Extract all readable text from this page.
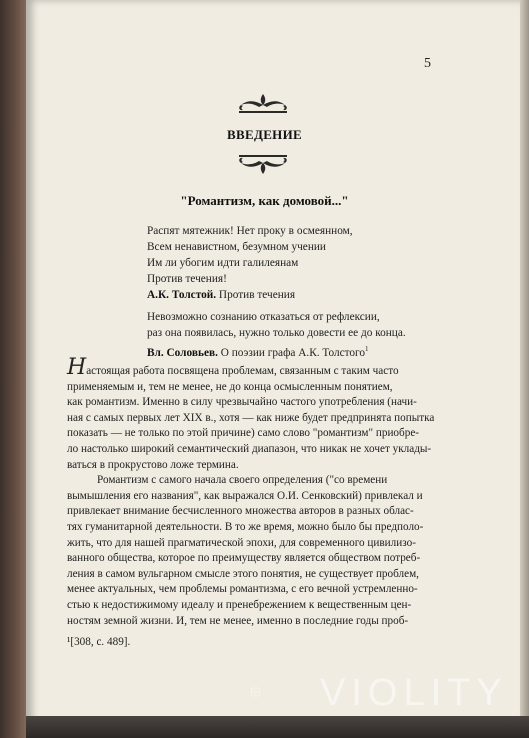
5
ВВЕДЕНИЕ
"Романтизм, как домовой..."
Распят мятежник! Нет проку в осмеянном,
Всем ненавистном, безумном учении
Им ли убогим идти галилеянам
Против течения!
А.К. Толстой. Против течения
Невозможно сознанию отказаться от рефлексии,
раз она появилась, нужно только довести ее до конца.
Вл. Соловьев. О поэзии графа А.К. Толстого$^1$
Настоящая работа посвящена проблемам, связанным с таким часто
применяемым и, тем не менее, не до конца осмысленным понятием,
как романтизм. Именно в силу чрезвычайно частого употребления (начи-
ная с самых первых лет XIX в., хотя — как ниже будет предпринята попытка
показать — не только по этой причине) само слово "романтизм" приобре-
ло настолько широкий семантический диапазон, что никак не хочет уклады-
ваться в прокрустово ложе термина.
Романтизм с самого начала своего определения ("со времени
вымышления его названия", как выражался О.И. Сенковский) привлекал и
привлекает внимание бесчисленного множества авторов в разных облас-
тях гуманитарной деятельности. В то же время, можно было бы предполо-
жить, что для нашей прагматической эпохи, для современного цивилизо-
ванного общества, которое по преимуществу является обществом потреб-
ления в самом вульгарном смысле этого понятия, не существует проблем,
менее актуальных, чем проблемы романтизма, с его вечной устремленно-
стью к недостижимому идеалу и пренебрежением к вещественным цен-
ностям земной жизни. И, тем не менее, именно в последние годы проб-
¹[308, с. 489].
VIOLITY
